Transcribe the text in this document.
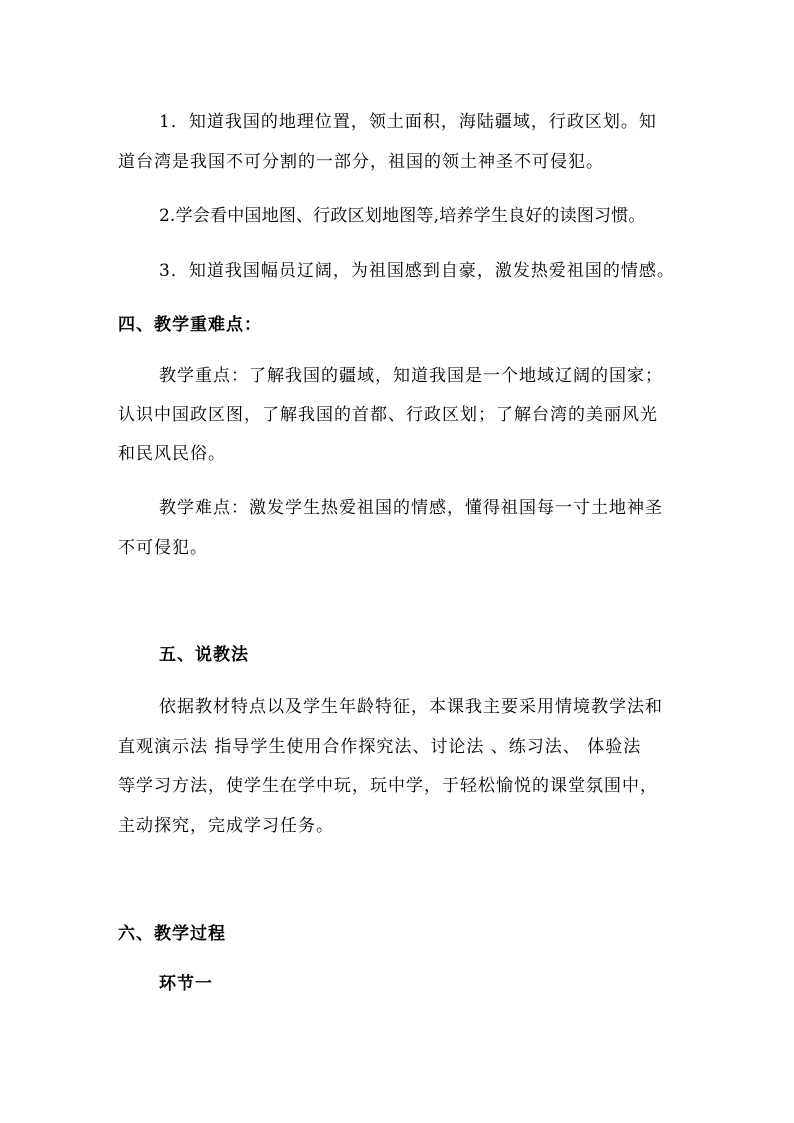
1．知道我国的地理位置，领土面积，海陆疆域，行政区划。知
道台湾是我国不可分割的一部分，祖国的领土神圣不可侵犯。
2.学会看中国地图、行政区划地图等,培养学生良好的读图习惯。
3．知道我国幅员辽阔，为祖国感到自豪，激发热爱祖国的情感。
四、教学重难点：
教学重点：了解我国的疆域，知道我国是一个地域辽阔的国家；
认识中国政区图，了解我国的首都、行政区划；了解台湾的美丽风光
和民风民俗。
教学难点：激发学生热爱祖国的情感，懂得祖国每一寸土地神圣
不可侵犯。
五、说教法
依据教材特点以及学生年龄特征，本课我主要采用情境教学法和
直观演示法 指导学生使用合作探究法、讨论法 、练习法、 体验法
等学习方法，使学生在学中玩，玩中学，于轻松愉悦的课堂氛围中，
主动探究，完成学习任务。
六、教学过程
环节一
